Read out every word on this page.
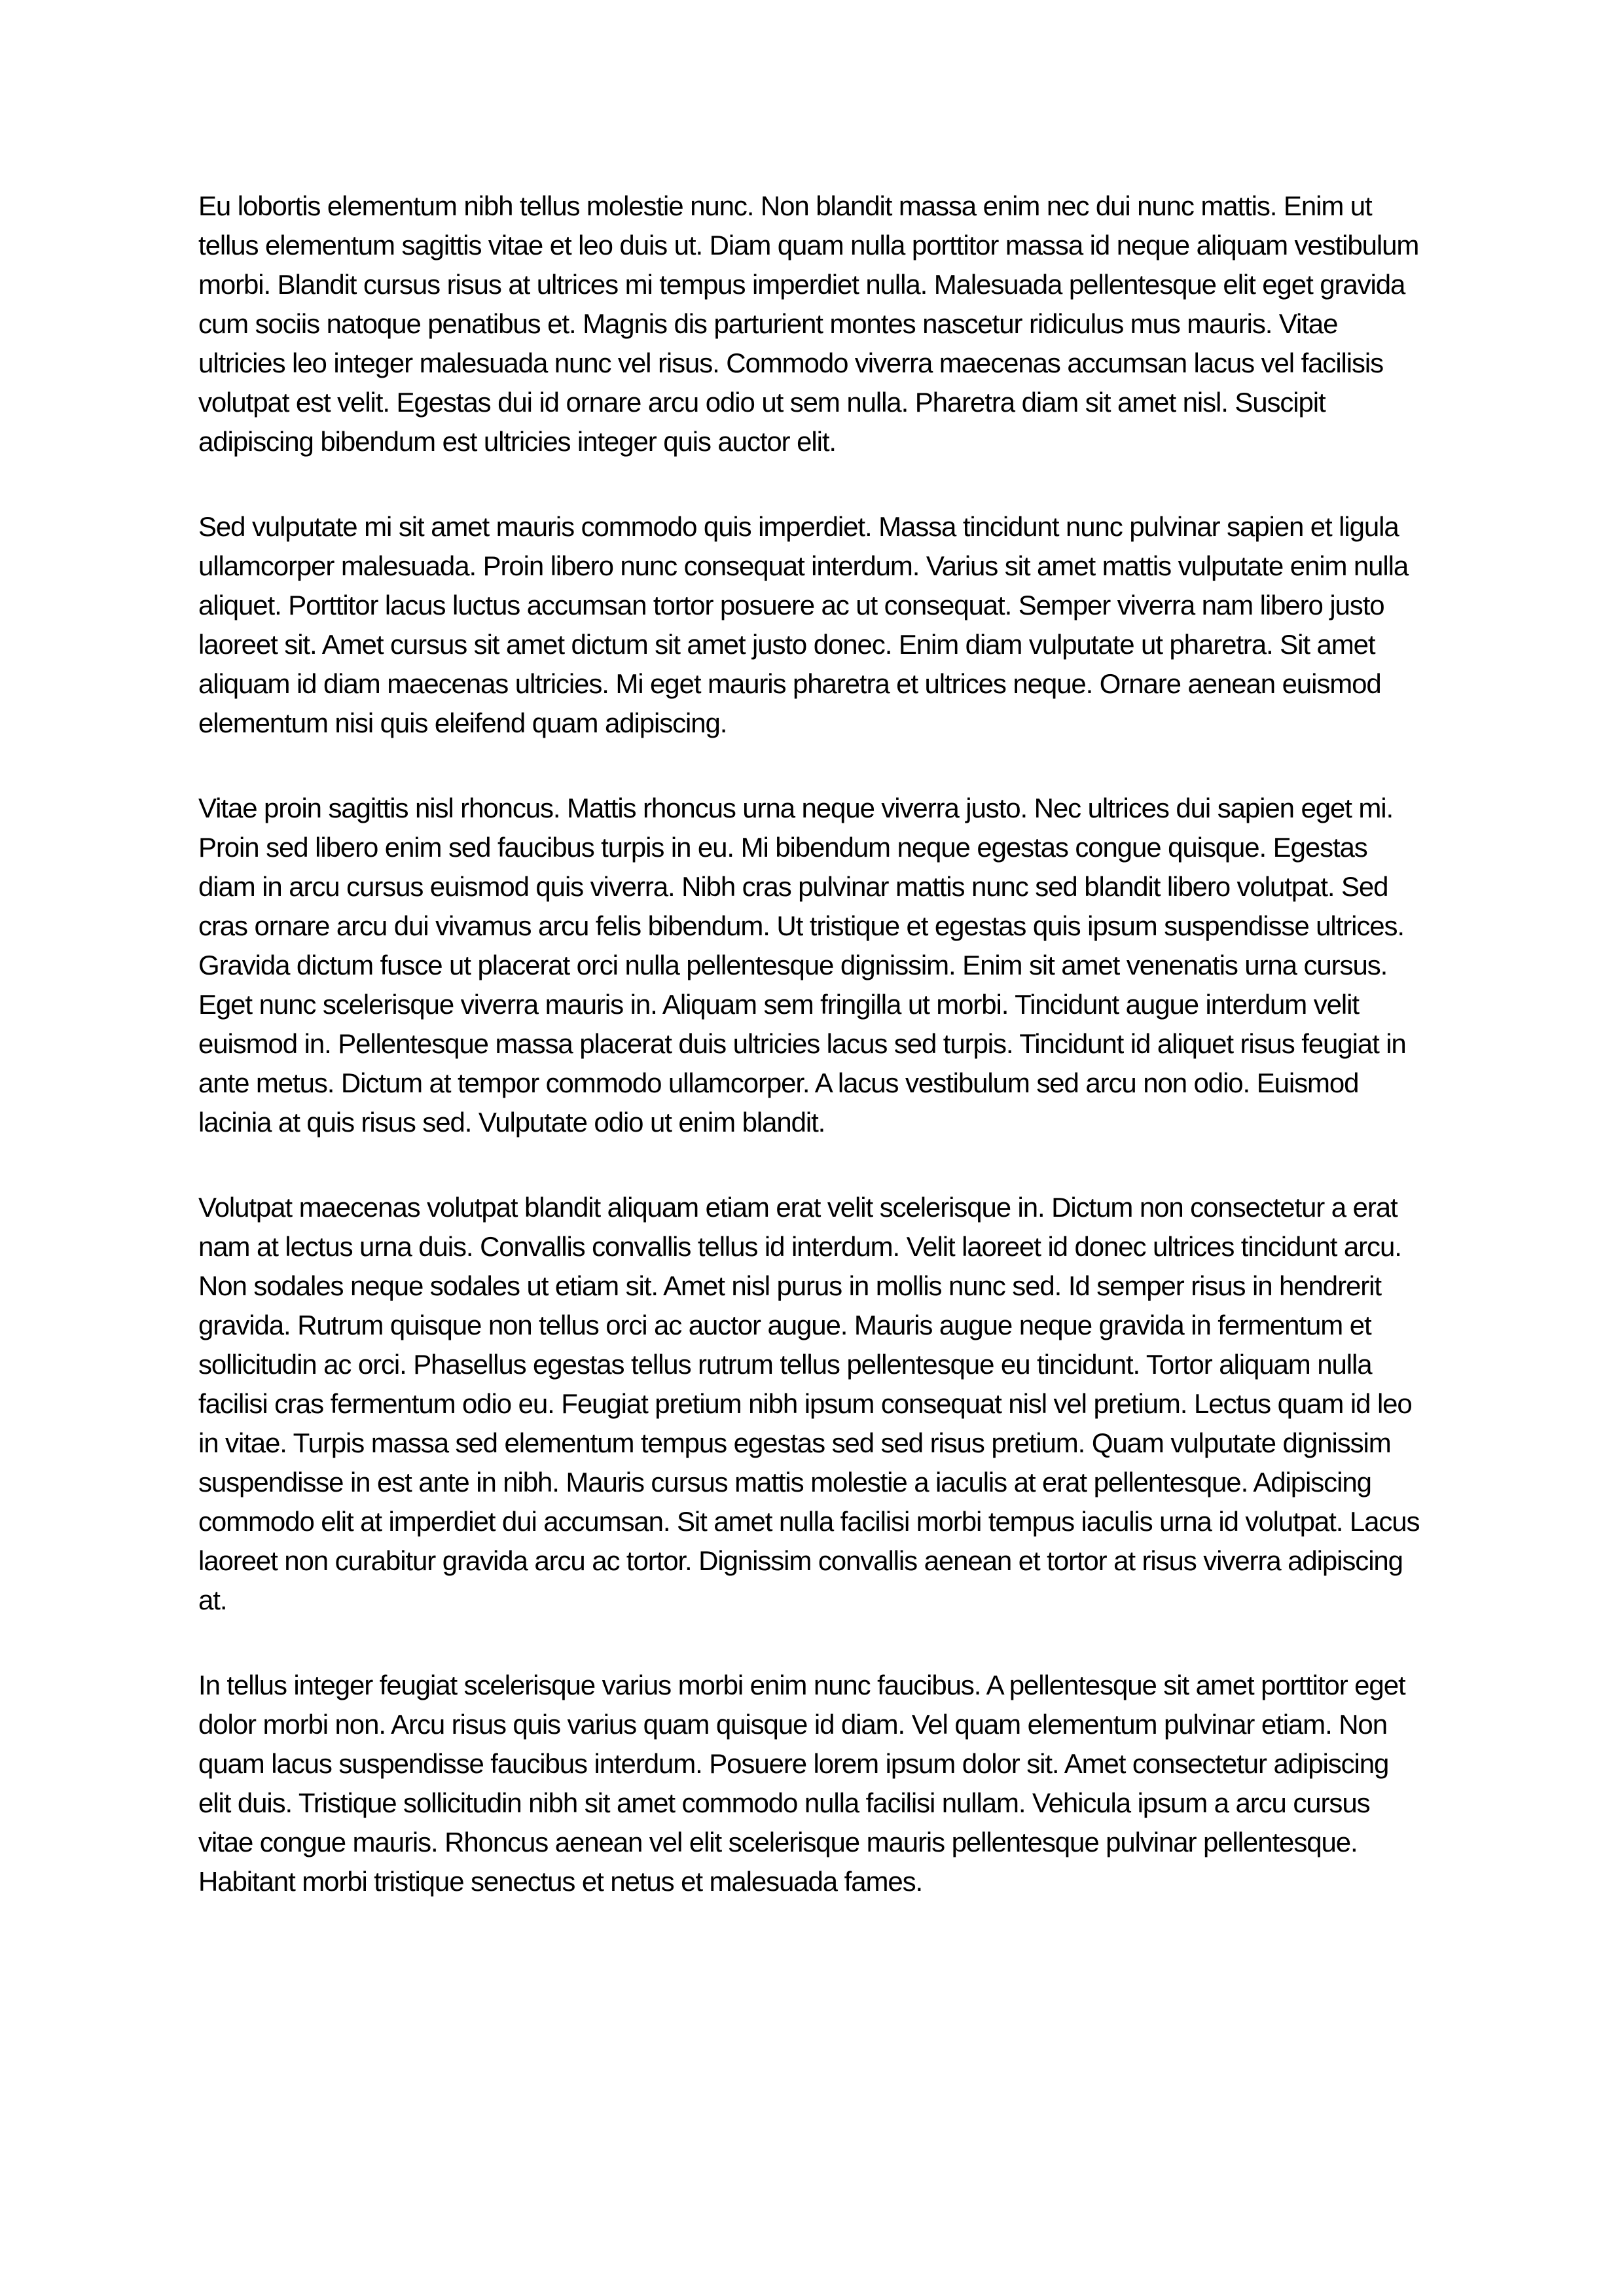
Eu lobortis elementum nibh tellus molestie nunc. Non blandit massa enim nec dui nunc mattis. Enim ut tellus elementum sagittis vitae et leo duis ut. Diam quam nulla porttitor massa id neque aliquam vestibulum morbi. Blandit cursus risus at ultrices mi tempus imperdiet nulla. Malesuada pellentesque elit eget gravida cum sociis natoque penatibus et. Magnis dis parturient montes nascetur ridiculus mus mauris. Vitae ultricies leo integer malesuada nunc vel risus. Commodo viverra maecenas accumsan lacus vel facilisis volutpat est velit. Egestas dui id ornare arcu odio ut sem nulla. Pharetra diam sit amet nisl. Suscipit adipiscing bibendum est ultricies integer quis auctor elit.

Sed vulputate mi sit amet mauris commodo quis imperdiet. Massa tincidunt nunc pulvinar sapien et ligula ullamcorper malesuada. Proin libero nunc consequat interdum. Varius sit amet mattis vulputate enim nulla aliquet. Porttitor lacus luctus accumsan tortor posuere ac ut consequat. Semper viverra nam libero justo laoreet sit. Amet cursus sit amet dictum sit amet justo donec. Enim diam vulputate ut pharetra. Sit amet aliquam id diam maecenas ultricies. Mi eget mauris pharetra et ultrices neque. Ornare aenean euismod elementum nisi quis eleifend quam adipiscing.

Vitae proin sagittis nisl rhoncus. Mattis rhoncus urna neque viverra justo. Nec ultrices dui sapien eget mi. Proin sed libero enim sed faucibus turpis in eu. Mi bibendum neque egestas congue quisque. Egestas diam in arcu cursus euismod quis viverra. Nibh cras pulvinar mattis nunc sed blandit libero volutpat. Sed cras ornare arcu dui vivamus arcu felis bibendum. Ut tristique et egestas quis ipsum suspendisse ultrices. Gravida dictum fusce ut placerat orci nulla pellentesque dignissim. Enim sit amet venenatis urna cursus. Eget nunc scelerisque viverra mauris in. Aliquam sem fringilla ut morbi. Tincidunt augue interdum velit euismod in. Pellentesque massa placerat duis ultricies lacus sed turpis. Tincidunt id aliquet risus feugiat in ante metus. Dictum at tempor commodo ullamcorper. A lacus vestibulum sed arcu non odio. Euismod lacinia at quis risus sed. Vulputate odio ut enim blandit.

Volutpat maecenas volutpat blandit aliquam etiam erat velit scelerisque in. Dictum non consectetur a erat nam at lectus urna duis. Convallis convallis tellus id interdum. Velit laoreet id donec ultrices tincidunt arcu. Non sodales neque sodales ut etiam sit. Amet nisl purus in mollis nunc sed. Id semper risus in hendrerit gravida. Rutrum quisque non tellus orci ac auctor augue. Mauris augue neque gravida in fermentum et sollicitudin ac orci. Phasellus egestas tellus rutrum tellus pellentesque eu tincidunt. Tortor aliquam nulla facilisi cras fermentum odio eu. Feugiat pretium nibh ipsum consequat nisl vel pretium. Lectus quam id leo in vitae. Turpis massa sed elementum tempus egestas sed sed risus pretium. Quam vulputate dignissim suspendisse in est ante in nibh. Mauris cursus mattis molestie a iaculis at erat pellentesque. Adipiscing commodo elit at imperdiet dui accumsan. Sit amet nulla facilisi morbi tempus iaculis urna id volutpat. Lacus laoreet non curabitur gravida arcu ac tortor. Dignissim convallis aenean et tortor at risus viverra adipiscing at.

In tellus integer feugiat scelerisque varius morbi enim nunc faucibus. A pellentesque sit amet porttitor eget dolor morbi non. Arcu risus quis varius quam quisque id diam. Vel quam elementum pulvinar etiam. Non quam lacus suspendisse faucibus interdum. Posuere lorem ipsum dolor sit. Amet consectetur adipiscing elit duis. Tristique sollicitudin nibh sit amet commodo nulla facilisi nullam. Vehicula ipsum a arcu cursus vitae congue mauris. Rhoncus aenean vel elit scelerisque mauris pellentesque pulvinar pellentesque. Habitant morbi tristique senectus et netus et malesuada fames.
